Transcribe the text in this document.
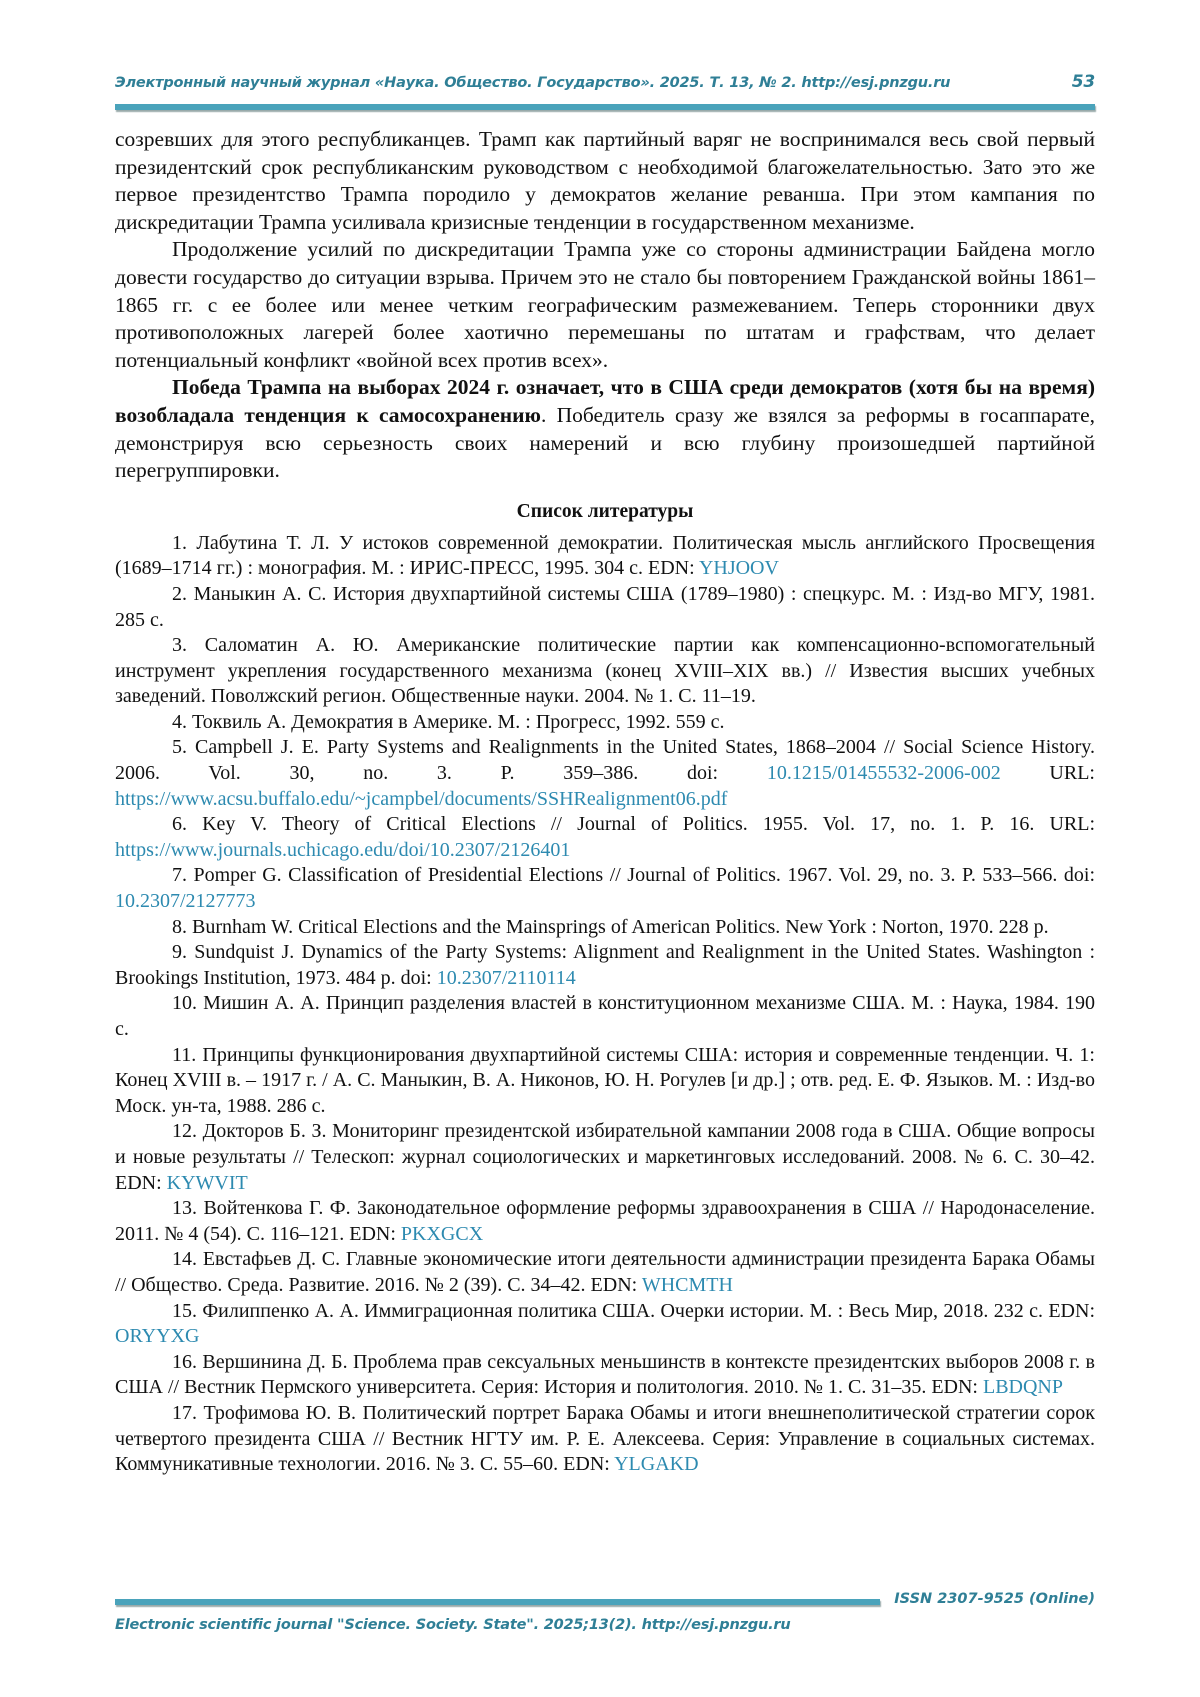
Электронный научный журнал «Наука. Общество. Государство». 2025. Т. 13, № 2. http://esj.pnzgu.ru	53

созревших для этого республиканцев. Трамп как партийный варяг не воспринимался весь свой первый президентский срок республиканским руководством с необходимой благожелательностью. Зато это же первое президентство Трампа породило у демократов желание реванша. При этом кампания по дискредитации Трампа усиливала кризисные тенденции в государственном механизме.

Продолжение усилий по дискредитации Трампа уже со стороны администрации Байдена могло довести государство до ситуации взрыва. Причем это не стало бы повторением Гражданской войны 1861–1865 гг. с ее более или менее четким географическим размежеванием. Теперь сторонники двух противоположных лагерей более хаотично перемешаны по штатам и графствам, что делает потенциальный конфликт «войной всех против всех».

Победа Трампа на выборах 2024 г. означает, что в США среди демократов (хотя бы на время) возобладала тенденция к самосохранению. Победитель сразу же взялся за реформы в госаппарате, демонстрируя всю серьезность своих намерений и всю глубину произошедшей партийной перегруппировки.

Список литературы
1. Лабутина Т. Л. У истоков современной демократии. Политическая мысль английского Просвещения (1689–1714 гг.) : монография. М. : ИРИС-ПРЕСС, 1995. 304 с. EDN: YHJOOV
2. Маныкин А. С. История двухпартийной системы США (1789–1980) : спецкурс. М. : Изд-во МГУ, 1981. 285 с.
3. Саломатин А. Ю. Американские политические партии как компенсационно-вспомогательный инструмент укрепления государственного механизма (конец XVIII–XIX вв.) // Известия высших учебных заведений. Поволжский регион. Общественные науки. 2004. № 1. С. 11–19.
4. Токвиль А. Демократия в Америке. М. : Прогресс, 1992. 559 с.
5. Campbell J. E. Party Systems and Realignments in the United States, 1868–2004 // Social Science History. 2006. Vol. 30, no. 3. P. 359–386. doi: 10.1215/01455532-2006-002 URL: https://www.acsu.buffalo.edu/~jcampbel/documents/SSHRealignment06.pdf
6. Key V. Theory of Critical Elections // Journal of Politics. 1955. Vol. 17, no. 1. P. 16. URL: https://www.journals.uchicago.edu/doi/10.2307/2126401
7. Pomper G. Classification of Presidential Elections // Journal of Politics. 1967. Vol. 29, no. 3. P. 533–566. doi: 10.2307/2127773
8. Burnham W. Critical Elections and the Mainsprings of American Politics. New York : Norton, 1970. 228 p.
9. Sundquist J. Dynamics of the Party Systems: Alignment and Realignment in the United States. Washington : Brookings Institution, 1973. 484 p. doi: 10.2307/2110114
10. Мишин А. А. Принцип разделения властей в конституционном механизме США. М. : Наука, 1984. 190 с.
11. Принципы функционирования двухпартийной системы США: история и современные тенденции. Ч. 1: Конец XVIII в. – 1917 г. / А. С. Маныкин, В. А. Никонов, Ю. Н. Рогулев [и др.] ; отв. ред. Е. Ф. Языков. М. : Изд-во Моск. ун-та, 1988. 286 с.
12. Докторов Б. З. Мониторинг президентской избирательной кампании 2008 года в США. Общие вопросы и новые результаты // Телескоп: журнал социологических и маркетинговых исследований. 2008. № 6. С. 30–42. EDN: KYWVIT
13. Войтенкова Г. Ф. Законодательное оформление реформы здравоохранения в США // Народонаселение. 2011. № 4 (54). С. 116–121. EDN: PKXGCX
14. Евстафьев Д. С. Главные экономические итоги деятельности администрации президента Барака Обамы // Общество. Среда. Развитие. 2016. № 2 (39). С. 34–42. EDN: WHCMTH
15. Филиппенко А. А. Иммиграционная политика США. Очерки истории. М. : Весь Мир, 2018. 232 с. EDN: ORYYXG
16. Вершинина Д. Б. Проблема прав сексуальных меньшинств в контексте президентских выборов 2008 г. в США // Вестник Пермского университета. Серия: История и политология. 2010. № 1. С. 31–35. EDN: LBDQNP
17. Трофимова Ю. В. Политический портрет Барака Обамы и итоги внешнеполитической стратегии сорок четвертого президента США // Вестник НГТУ им. Р. Е. Алексеева. Серия: Управление в социальных системах. Коммуникативные технологии. 2016. № 3. С. 55–60. EDN: YLGAKD
ISSN 2307-9525 (Online)
Electronic scientific journal "Science. Society. State". 2025;13(2). http://esj.pnzgu.ru
